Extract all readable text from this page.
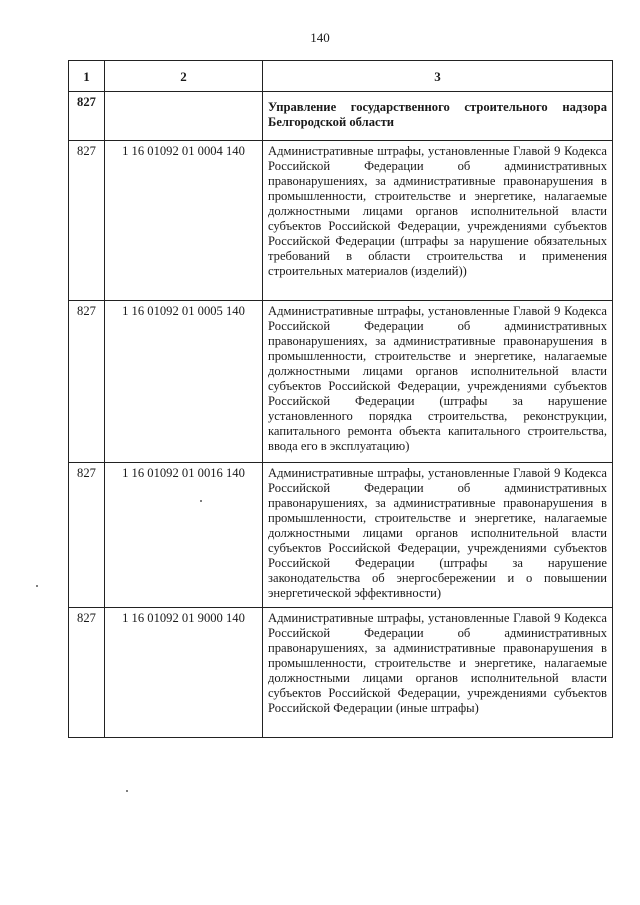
140
1	2	3
827		Управление государственного строительного надзора Белгородской области
827	1 16 01092 01 0004 140	Административные штрафы, установленные Главой 9 Кодекса Российской Федерации об административных правонарушениях, за административные правонарушения в промышленности, строительстве и энергетике, налагаемые должностными лицами органов исполнительной власти субъектов Российской Федерации, учреждениями субъектов Российской Федерации (штрафы за нарушение обязательных требований в области строительства и применения строительных материалов (изделий))
827	1 16 01092 01 0005 140	Административные штрафы, установленные Главой 9 Кодекса Российской Федерации об административных правонарушениях, за административные правонарушения в промышленности, строительстве и энергетике, налагаемые должностными лицами органов исполнительной власти субъектов Российской Федерации, учреждениями субъектов Российской Федерации (штрафы за нарушение установленного порядка строительства, реконструкции, капитального ремонта объекта капитального строительства, ввода его в эксплуатацию)
827	1 16 01092 01 0016 140	Административные штрафы, установленные Главой 9 Кодекса Российской Федерации об административных правонарушениях, за административные правонарушения в промышленности, строительстве и энергетике, налагаемые должностными лицами органов исполнительной власти субъектов Российской Федерации, учреждениями субъектов Российской Федерации (штрафы за нарушение законодательства об энергосбережении и о повышении энергетической эффективности)
827	1 16 01092 01 9000 140	Административные штрафы, установленные Главой 9 Кодекса Российской Федерации об административных правонарушениях, за административные правонарушения в промышленности, строительстве и энергетике, налагаемые должностными лицами органов исполнительной власти субъектов Российской Федерации, учреждениями субъектов Российской Федерации (иные штрафы)
